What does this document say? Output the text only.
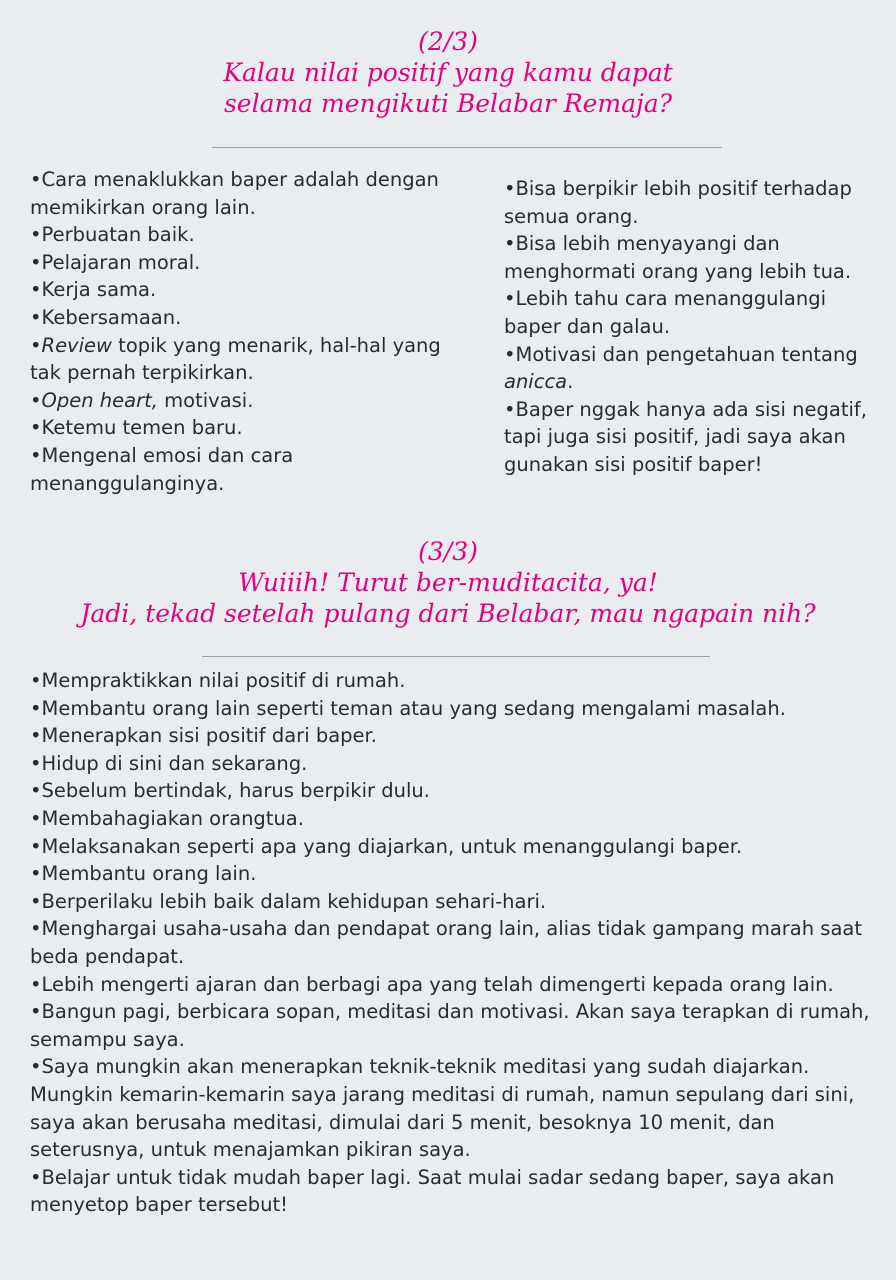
(2/3)
Kalau nilai positif yang kamu dapat
selama mengikuti Belabar Remaja?
• Cara menaklukkan baper adalah dengan memikirkan orang lain.
• Perbuatan baik.
• Pelajaran moral.
• Kerja sama.
• Kebersamaan.
• Review topik yang menarik, hal-hal yang tak pernah terpikirkan.
• Open heart, motivasi.
• Ketemu temen baru.
• Mengenal emosi dan cara menanggulanginya.
• Bisa berpikir lebih positif terhadap semua orang.
• Bisa lebih menyayangi dan menghormati orang yang lebih tua.
• Lebih tahu cara menanggulangi baper dan galau.
• Motivasi dan pengetahuan tentang anicca.
• Baper nggak hanya ada sisi negatif, tapi juga sisi positif, jadi saya akan gunakan sisi positif baper!
(3/3)
Wuiiih! Turut ber-muditacita, ya!
Jadi, tekad setelah pulang dari Belabar, mau ngapain nih?
• Mempraktikkan nilai positif di rumah.
• Membantu orang lain seperti teman atau yang sedang mengalami masalah.
• Menerapkan sisi positif dari baper.
• Hidup di sini dan sekarang.
• Sebelum bertindak, harus berpikir dulu.
• Membahagiakan orangtua.
• Melaksanakan seperti apa yang diajarkan, untuk menanggulangi baper.
• Membantu orang lain.
• Berperilaku lebih baik dalam kehidupan sehari-hari.
• Menghargai usaha-usaha dan pendapat orang lain, alias tidak gampang marah saat beda pendapat.
• Lebih mengerti ajaran dan berbagi apa yang telah dimengerti kepada orang lain.
• Bangun pagi, berbicara sopan, meditasi dan motivasi. Akan saya terapkan di rumah, semampu saya.
• Saya mungkin akan menerapkan teknik-teknik meditasi yang sudah diajarkan. Mungkin kemarin-kemarin saya jarang meditasi di rumah, namun sepulang dari sini, saya akan berusaha meditasi, dimulai dari 5 menit, besoknya 10 menit, dan seterusnya, untuk menajamkan pikiran saya.
• Belajar untuk tidak mudah baper lagi. Saat mulai sadar sedang baper, saya akan menyetop baper tersebut!
